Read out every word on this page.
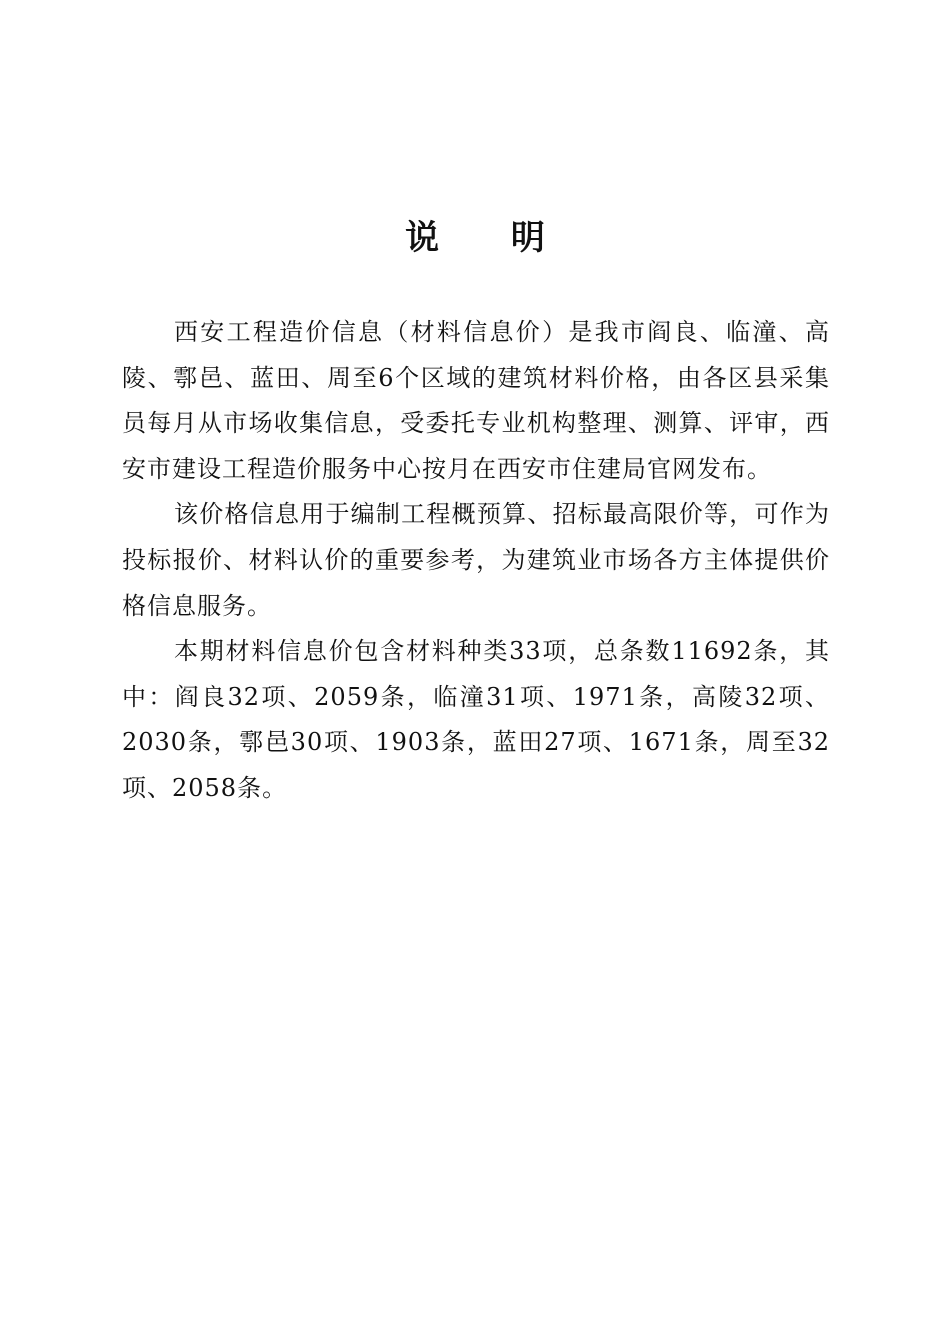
说 明

西安工程造价信息（材料信息价）是我市阎良、临潼、高陵、鄠邑、蓝田、周至6个区域的建筑材料价格，由各区县采集员每月从市场收集信息，受委托专业机构整理、测算、评审，西安市建设工程造价服务中心按月在西安市住建局官网发布。

该价格信息用于编制工程概预算、招标最高限价等，可作为投标报价、材料认价的重要参考，为建筑业市场各方主体提供价格信息服务。

本期材料信息价包含材料种类33项，总条数11692条，其中：阎良32项、2059条，临潼31项、1971条，高陵32项、2030条，鄠邑30项、1903条，蓝田27项、1671条，周至32项、2058条。
